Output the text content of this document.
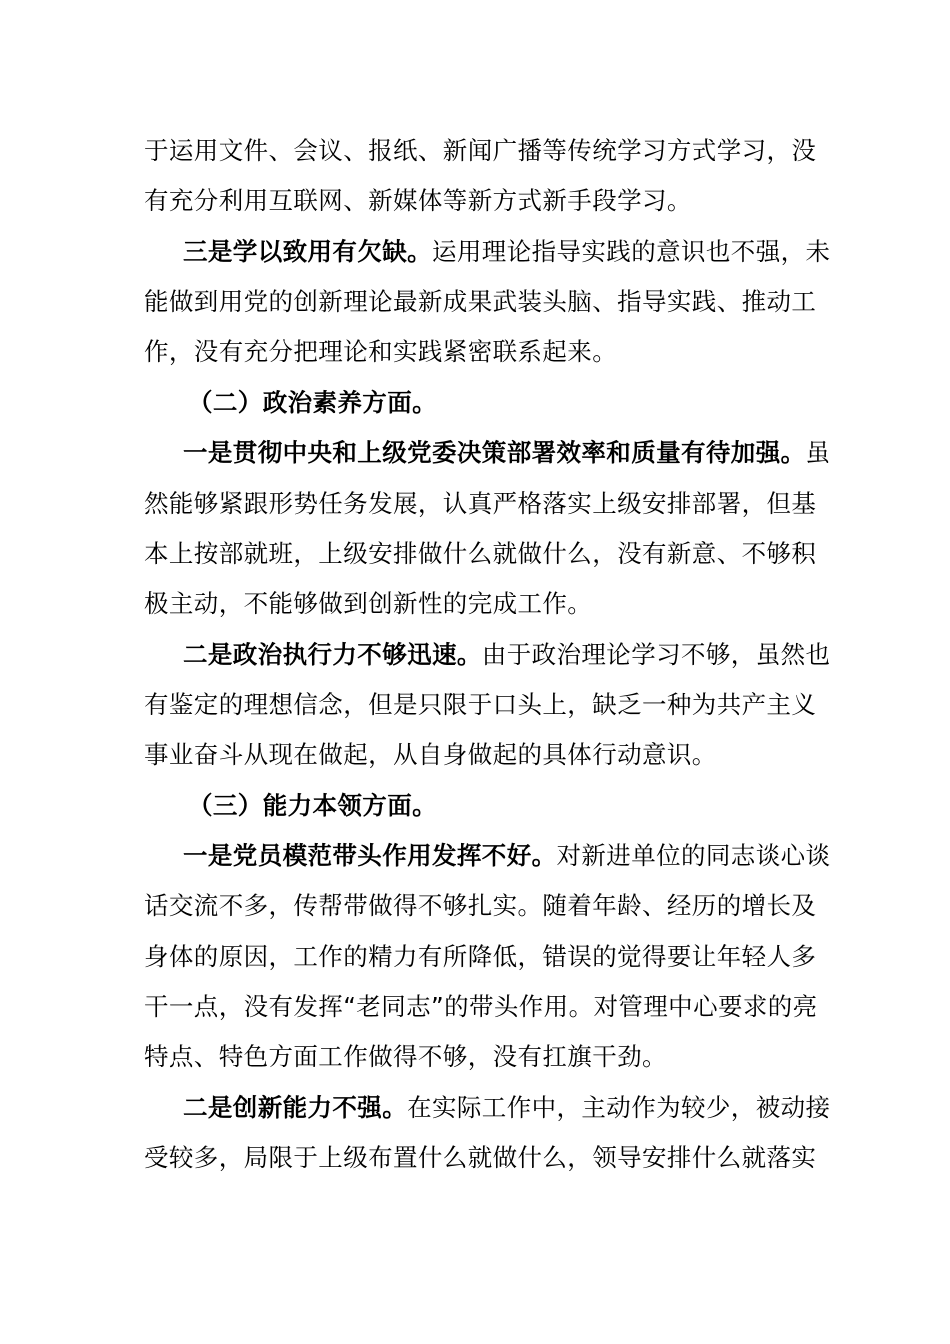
于运用文件、会议、报纸、新闻广播等传统学习方式学习，没
有充分利用互联网、新媒体等新方式新手段学习。
三是学以致用有欠缺。运用理论指导实践的意识也不强，未
能做到用党的创新理论最新成果武装头脑、指导实践、推动工
作，没有充分把理论和实践紧密联系起来。
（二）政治素养方面。
一是贯彻中央和上级党委决策部署效率和质量有待加强。虽
然能够紧跟形势任务发展，认真严格落实上级安排部署，但基
本上按部就班，上级安排做什么就做什么，没有新意、不够积
极主动，不能够做到创新性的完成工作。
二是政治执行力不够迅速。由于政治理论学习不够，虽然也
有鉴定的理想信念，但是只限于口头上，缺乏一种为共产主义
事业奋斗从现在做起，从自身做起的具体行动意识。
（三）能力本领方面。
一是党员模范带头作用发挥不好。对新进单位的同志谈心谈
话交流不多，传帮带做得不够扎实。随着年龄、经历的增长及
身体的原因，工作的精力有所降低，错误的觉得要让年轻人多
干一点，没有发挥“老同志”的带头作用。对管理中心要求的亮
特点、特色方面工作做得不够，没有扛旗干劲。
二是创新能力不强。在实际工作中，主动作为较少，被动接
受较多，局限于上级布置什么就做什么，领导安排什么就落实
